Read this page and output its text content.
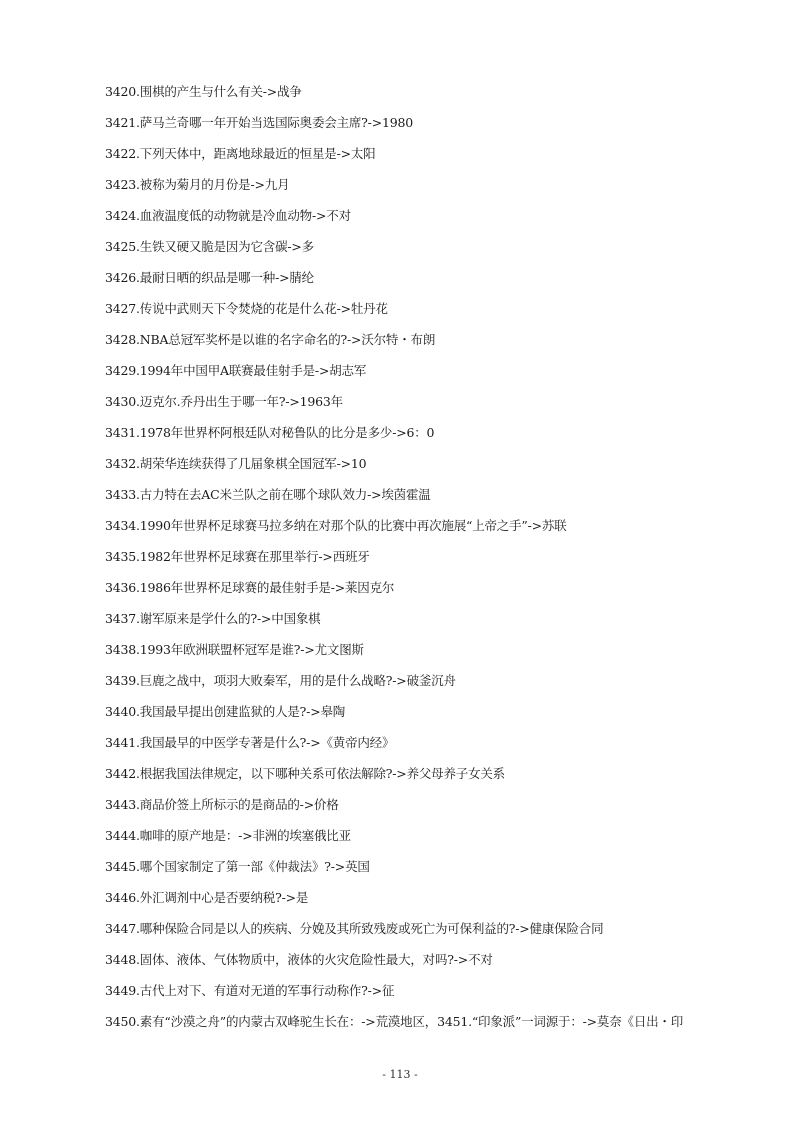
3420.围棋的产生与什么有关->战争
3421.萨马兰奇哪一年开始当选国际奥委会主席?->1980
3422.下列天体中，距离地球最近的恒星是->太阳
3423.被称为菊月的月份是->九月
3424.血液温度低的动物就是冷血动物->不对
3425.生铁又硬又脆是因为它含碳->多
3426.最耐日晒的织品是哪一种->腈纶
3427.传说中武则天下令焚烧的花是什么花->牡丹花
3428.NBA总冠军奖杯是以谁的名字命名的?->沃尔特・布朗
3429.1994年中国甲A联赛最佳射手是->胡志军
3430.迈克尔.乔丹出生于哪一年?->1963年
3431.1978年世界杯阿根廷队对秘鲁队的比分是多少->6：0
3432.胡荣华连续获得了几届象棋全国冠军->10
3433.古力特在去AC米兰队之前在哪个球队效力->埃茵霍温
3434.1990年世界杯足球赛马拉多纳在对那个队的比赛中再次施展“上帝之手”->苏联
3435.1982年世界杯足球赛在那里举行->西班牙
3436.1986年世界杯足球赛的最佳射手是->莱因克尔
3437.谢军原来是学什么的?->中国象棋
3438.1993年欧洲联盟杯冠军是谁?->尤文图斯
3439.巨鹿之战中，项羽大败秦军，用的是什么战略?->破釜沉舟
3440.我国最早提出创建监狱的人是?->皋陶
3441.我国最早的中医学专著是什么?->《黄帝内经》
3442.根据我国法律规定，以下哪种关系可依法解除?->养父母养子女关系
3443.商品价签上所标示的是商品的->价格
3444.咖啡的原产地是：->非洲的埃塞俄比亚
3445.哪个国家制定了第一部《仲裁法》?->英国
3446.外汇调剂中心是否要纳税?->是
3447.哪种保险合同是以人的疾病、分娩及其所致残废或死亡为可保利益的?->健康保险合同
3448.固体、液体、气体物质中，液体的火灾危险性最大，对吗?->不对
3449.古代上对下、有道对无道的军事行动称作?->征
3450.素有“沙漠之舟”的内蒙古双峰驼生长在：->荒漠地区，3451.“印象派”一词源于：->莫奈《日出・印
- 113 -
